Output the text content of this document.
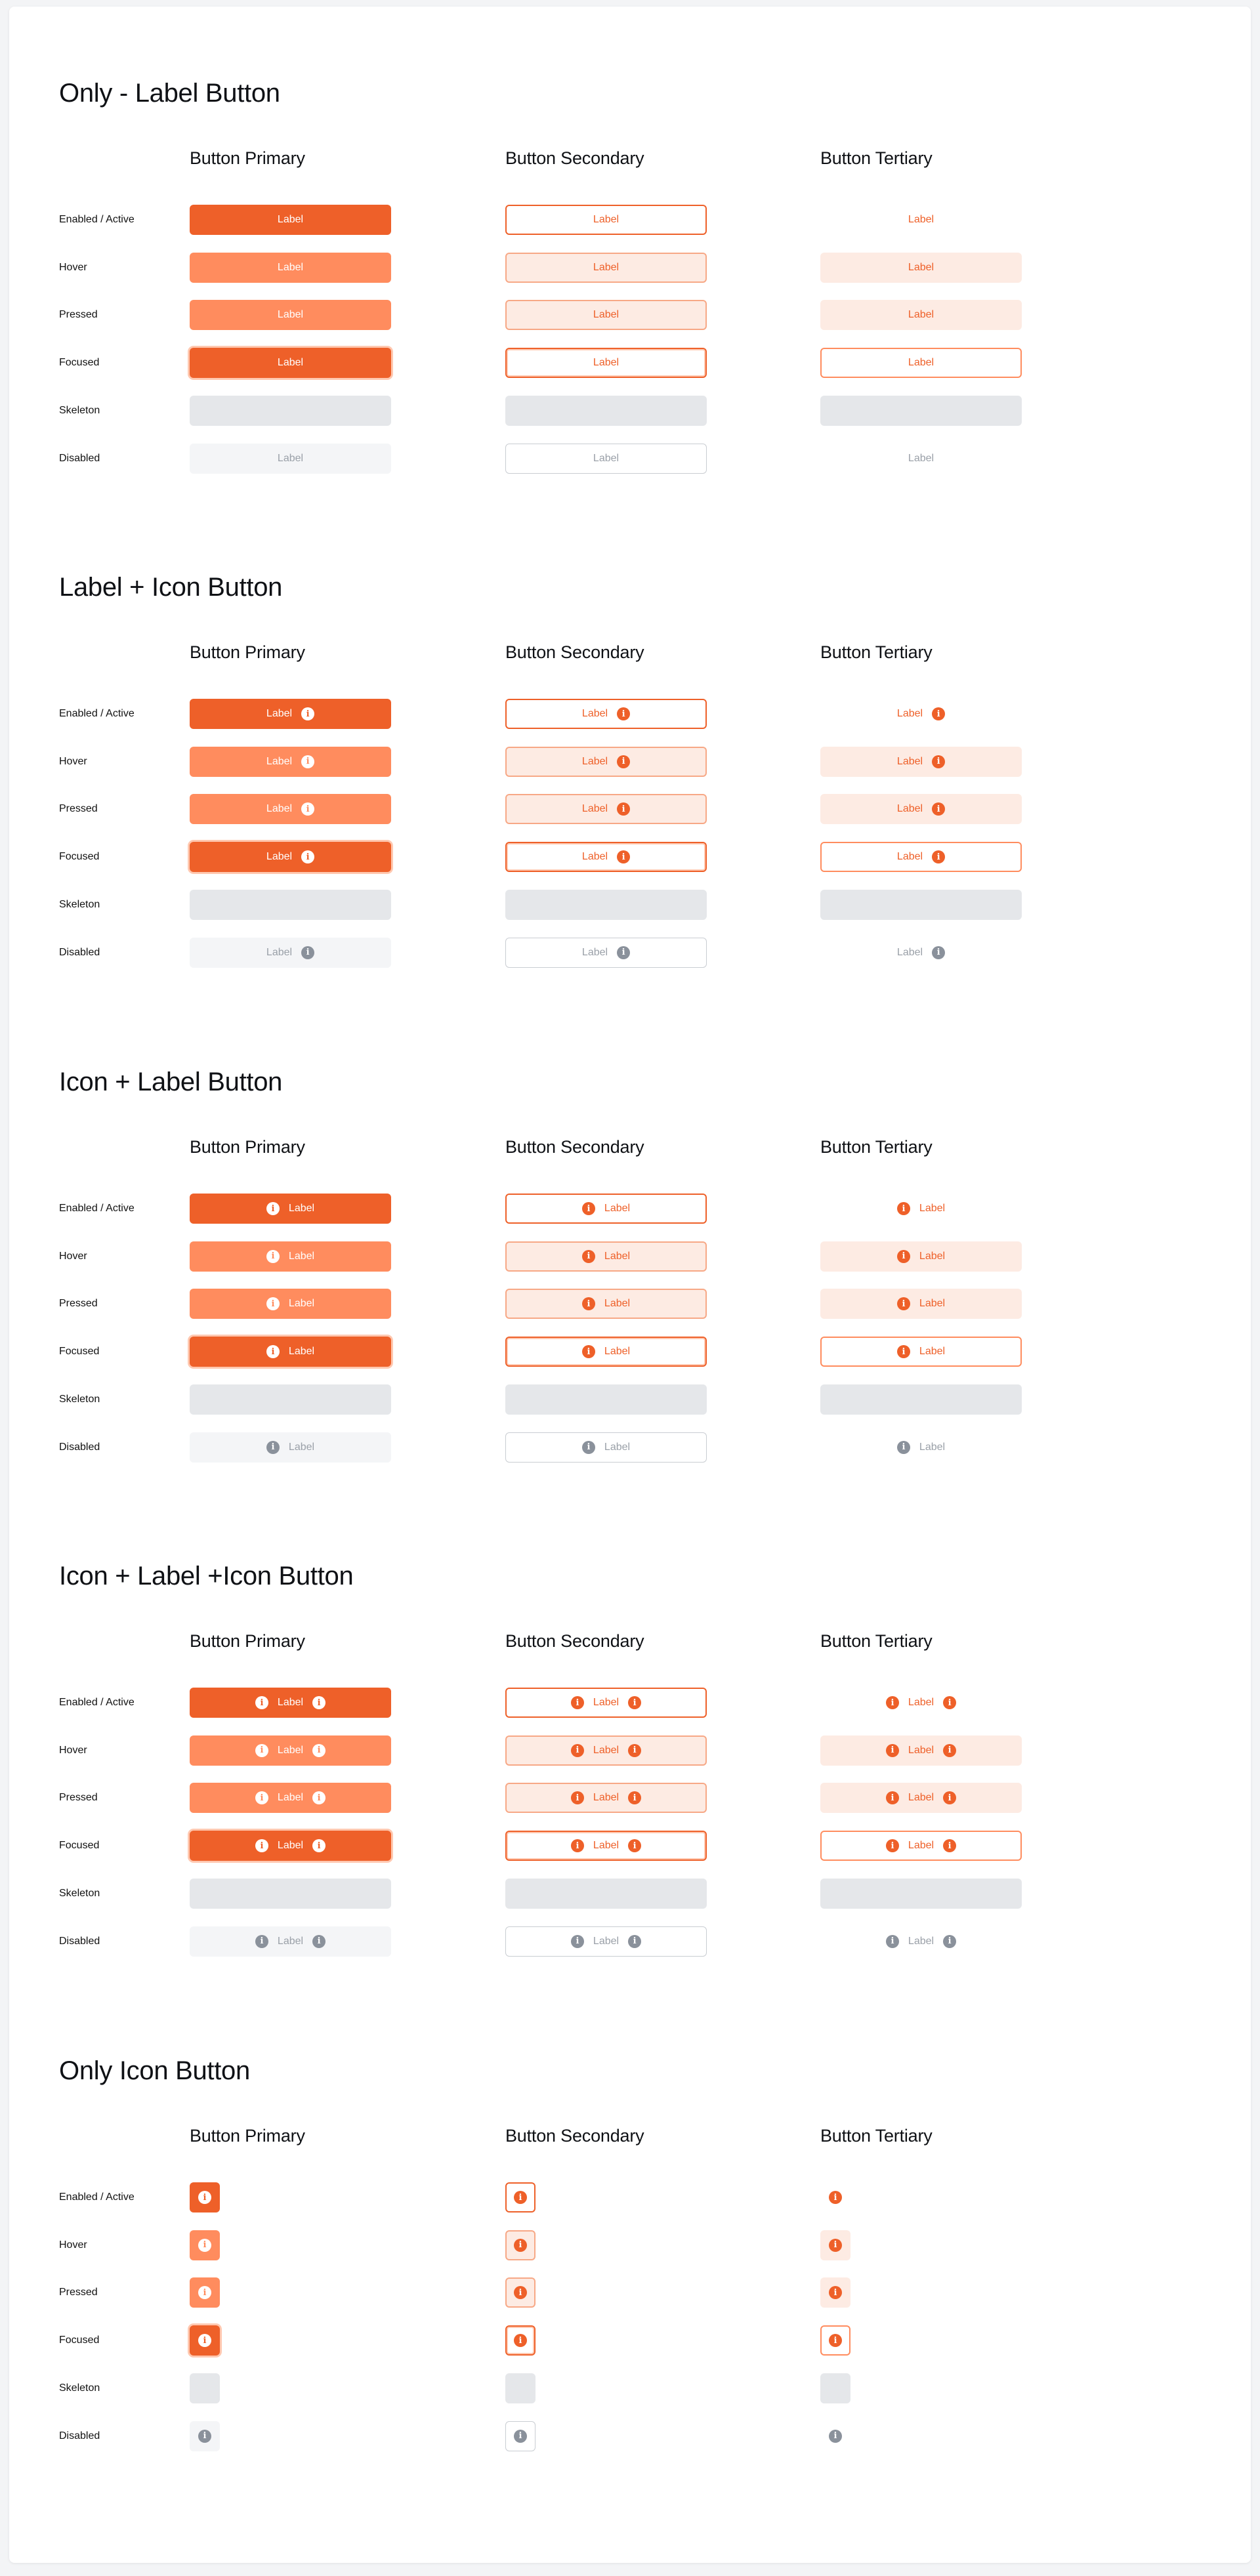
Only - Label Button
Button Primary	Button Secondary	Button Tertiary
Enabled / Active	Label	Label	Label
Hover	Label	Label	Label
Pressed	Label	Label	Label
Focused	Label	Label	Label
Skeleton
Disabled	Label	Label	Label
Label + Icon Button
Button Primary	Button Secondary	Button Tertiary
Enabled / Active	Label	i	Label	i	Label	i
Hover	Label	i	Label	i	Label	i
Pressed	Label	i	Label	i	Label	i
Focused	Label	i	Label	i	Label	i
Skeleton
Disabled	Label	i	Label	i	Label	i
Icon + Label Button
Button Primary	Button Secondary	Button Tertiary
Enabled / Active	i	Label	i	Label	i	Label
Hover	i	Label	i	Label	i	Label
Pressed	i	Label	i	Label	i	Label
Focused	i	Label	i	Label	i	Label
Skeleton
Disabled	i	Label	i	Label	i	Label
Icon + Label +Icon Button
Button Primary	Button Secondary	Button Tertiary
Enabled / Active	i	Label	i	i	Label	i	i	Label	i
Hover	i	Label	i	i	Label	i	i	Label	i
Pressed	i	Label	i	i	Label	i	i	Label	i
Focused	i	Label	i	i	Label	i	i	Label	i
Skeleton
Disabled	i	Label	i	i	Label	i	i	Label	i
Only Icon Button
Button Primary	Button Secondary	Button Tertiary
Enabled / Active	i	i	i
Hover	i	i	i
Pressed	i	i	i
Focused	i	i	i
Skeleton
Disabled	i	i	i
